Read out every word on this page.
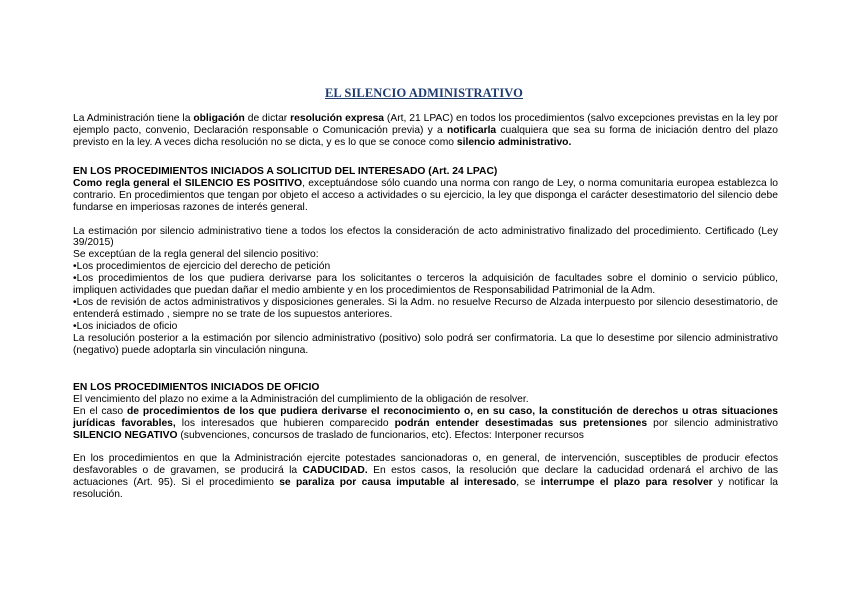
EL SILENCIO ADMINISTRATIVO

La Administración tiene la obligación de dictar resolución expresa (Art, 21 LPAC) en todos los procedimientos (salvo excepciones previstas en la ley por ejemplo pacto, convenio, Declaración responsable o Comunicación previa) y a notificarla cualquiera que sea su forma de iniciación dentro del plazo previsto en la ley. A veces dicha resolución no se dicta, y es lo que se conoce como silencio administrativo.

EN LOS PROCEDIMIENTOS INICIADOS A SOLICITUD DEL INTERESADO (Art. 24 LPAC)

Como regla general el SILENCIO ES POSITIVO, exceptuándose sólo cuando una norma con rango de Ley, o norma comunitaria europea establezca lo contrario. En procedimientos que tengan por objeto el acceso a actividades o su ejercicio, la ley que disponga el carácter desestimatorio del silencio debe fundarse en imperiosas razones de interés general.

La estimación por silencio administrativo tiene a todos los efectos la consideración de acto administrativo finalizado del procedimiento. Certificado (Ley 39/2015)

Se exceptúan de la regla general del silencio positivo:

•Los procedimientos de ejercicio del derecho de petición

•Los procedimientos de los que pudiera derivarse para los solicitantes o terceros la adquisición de facultades sobre el dominio o servicio público, impliquen actividades que puedan dañar el medio ambiente y en los procedimientos de Responsabilidad Patrimonial de la Adm.

•Los de revisión de actos administrativos y disposiciones generales. Si la Adm. no resuelve Recurso de Alzada interpuesto por silencio desestimatorio, de entenderá estimado , siempre no se trate de los supuestos anteriores.

•Los iniciados de oficio

La resolución posterior a la estimación por silencio administrativo (positivo) solo podrá ser confirmatoria. La que lo desestime por silencio administrativo (negativo) puede adoptarla sin vinculación ninguna.

EN LOS PROCEDIMIENTOS INICIADOS DE OFICIO

El vencimiento del plazo no exime a la Administración del cumplimiento de la obligación de resolver.

En el caso de procedimientos de los que pudiera derivarse el reconocimiento o, en su caso, la constitución de derechos u otras situaciones jurídicas favorables, los interesados que hubieren comparecido podrán entender desestimadas sus pretensiones por silencio administrativo SILENCIO NEGATIVO (subvenciones, concursos de traslado de funcionarios, etc). Efectos: Interponer recursos

En los procedimientos en que la Administración ejercite potestades sancionadoras o, en general, de intervención, susceptibles de producir efectos desfavorables o de gravamen, se producirá la CADUCIDAD. En estos casos, la resolución que declare la caducidad ordenará el archivo de las actuaciones (Art. 95). Si el procedimiento se paraliza por causa imputable al interesado, se interrumpe el plazo para resolver y notificar la resolución.
